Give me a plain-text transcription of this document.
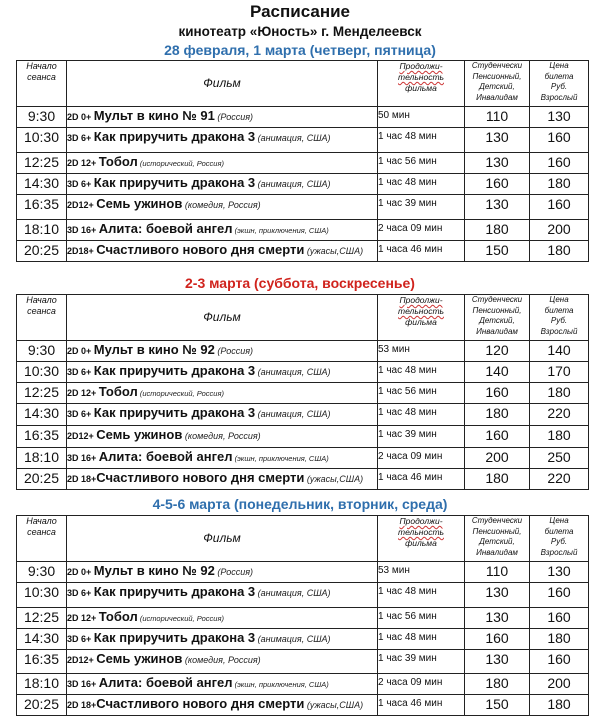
Расписание
кинотеатр «Юность» г. Менделеевск
28 февраля, 1 марта (четверг, пятница)
Начало
сеанса	Фильм	Продолжи-
тельность
фильма	Студенчески
Пенсионный,
Детский,
Инвалидам	Цена
билета
Руб.
Взрослый
9:30	2D 0+ Мульт в кино № 91 (Россия)	50 мин	110	130
10:30	3D 6+ Как приручить дракона 3 (анимация, США)	1 час 48 мин	130	160
12:25	2D 12+ Тобол (исторический, Россия)	1 час 56 мин	130	160
14:30	3D 6+ Как приручить дракона 3 (анимация, США)	1 час 48 мин	160	180
16:35	2D12+ Семь ужинов (комедия, Россия)	1 час 39 мин	130	160
18:10	3D 16+ Алита: боевой ангел (экшн, приключения, США)	2 часа 09 мин	180	200
20:25	2D18+ Счастливого нового дня смерти (ужасы,США)	1 часа 46 мин	150	180
2-3 марта (суббота, воскресенье)
Начало
сеанса	Фильм	Продолжи-
тельность
фильма	Студенчески
Пенсионный,
Детский,
Инвалидам	Цена
билета
Руб.
Взрослый
9:30	2D 0+ Мульт в кино № 92 (Россия)	53 мин	120	140
10:30	3D 6+ Как приручить дракона 3 (анимация, США)	1 час 48 мин	140	170
12:25	2D 12+ Тобол (исторический, Россия)	1 час 56 мин	160	180
14:30	3D 6+ Как приручить дракона 3 (анимация, США)	1 час 48 мин	180	220
16:35	2D12+ Семь ужинов (комедия, Россия)	1 час 39 мин	160	180
18:10	3D 16+ Алита: боевой ангел (экшн, приключения, США)	2 часа 09 мин	200	250
20:25	2D 18+Счастливого нового дня смерти (ужасы,США)	1 часа 46 мин	180	220
4-5-6 марта (понедельник, вторник, среда)
Начало
сеанса	Фильм	Продолжи-
тельность
фильма	Студенчески
Пенсионный,
Детский,
Инвалидам	Цена
билета
Руб.
Взрослый
9:30	2D 0+ Мульт в кино № 92 (Россия)	53 мин	110	130
10:30	3D 6+ Как приручить дракона 3 (анимация, США)	1 час 48 мин	130	160
12:25	2D 12+ Тобол (исторический, Россия)	1 час 56 мин	130	160
14:30	3D 6+ Как приручить дракона 3 (анимация, США)	1 час 48 мин	160	180
16:35	2D12+ Семь ужинов (комедия, Россия)	1 час 39 мин	130	160
18:10	3D 16+ Алита: боевой ангел (экшн, приключения, США)	2 часа 09 мин	180	200
20:25	2D 18+Счастливого нового дня смерти (ужасы,США)	1 часа 46 мин	150	180
